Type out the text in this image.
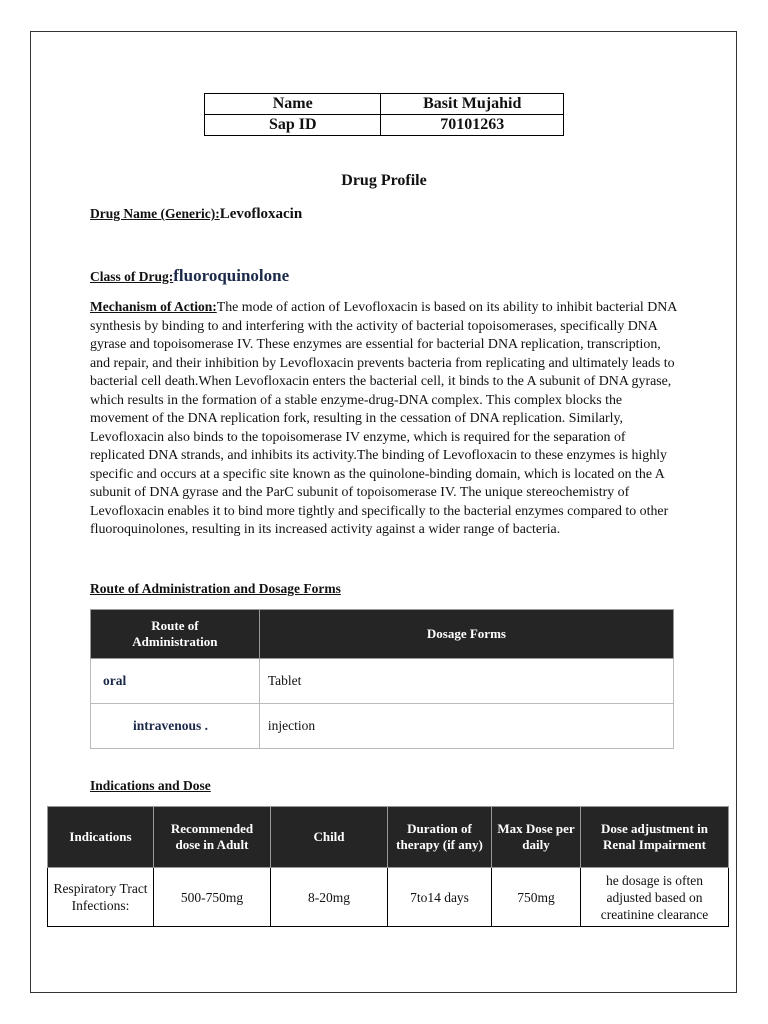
Name	Basit Mujahid
Sap ID	70101263
Drug Profile
Drug Name (Generic):Levofloxacin
Class of Drug:fluoroquinolone
Mechanism of Action:The mode of action of Levofloxacin is based on its ability to inhibit bacterial DNA synthesis by binding to and interfering with the activity of bacterial topoisomerases, specifically DNA gyrase and topoisomerase IV. These enzymes are essential for bacterial DNA replication, transcription, and repair, and their inhibition by Levofloxacin prevents bacteria from replicating and ultimately leads to bacterial cell death.When Levofloxacin enters the bacterial cell, it binds to the A subunit of DNA gyrase, which results in the formation of a stable enzyme-drug-DNA complex. This complex blocks the movement of the DNA replication fork, resulting in the cessation of DNA replication. Similarly, Levofloxacin also binds to the topoisomerase IV enzyme, which is required for the separation of replicated DNA strands, and inhibits its activity.The binding of Levofloxacin to these enzymes is highly specific and occurs at a specific site known as the quinolone-binding domain, which is located on the A subunit of DNA gyrase and the ParC subunit of topoisomerase IV. The unique stereochemistry of Levofloxacin enables it to bind more tightly and specifically to the bacterial enzymes compared to other fluoroquinolones, resulting in its increased activity against a wider range of bacteria.
Route of Administration and Dosage Forms
Route of Administration	Dosage Forms
oral	Tablet
intravenous .	injection
Indications and Dose
Indications	Recommended dose in Adult	Child	Duration of therapy (if any)	Max Dose per daily	Dose adjustment in Renal Impairment
Respiratory Tract Infections:	500-750mg	8-20mg	7to14 days	750mg	he dosage is often adjusted based on creatinine clearance
